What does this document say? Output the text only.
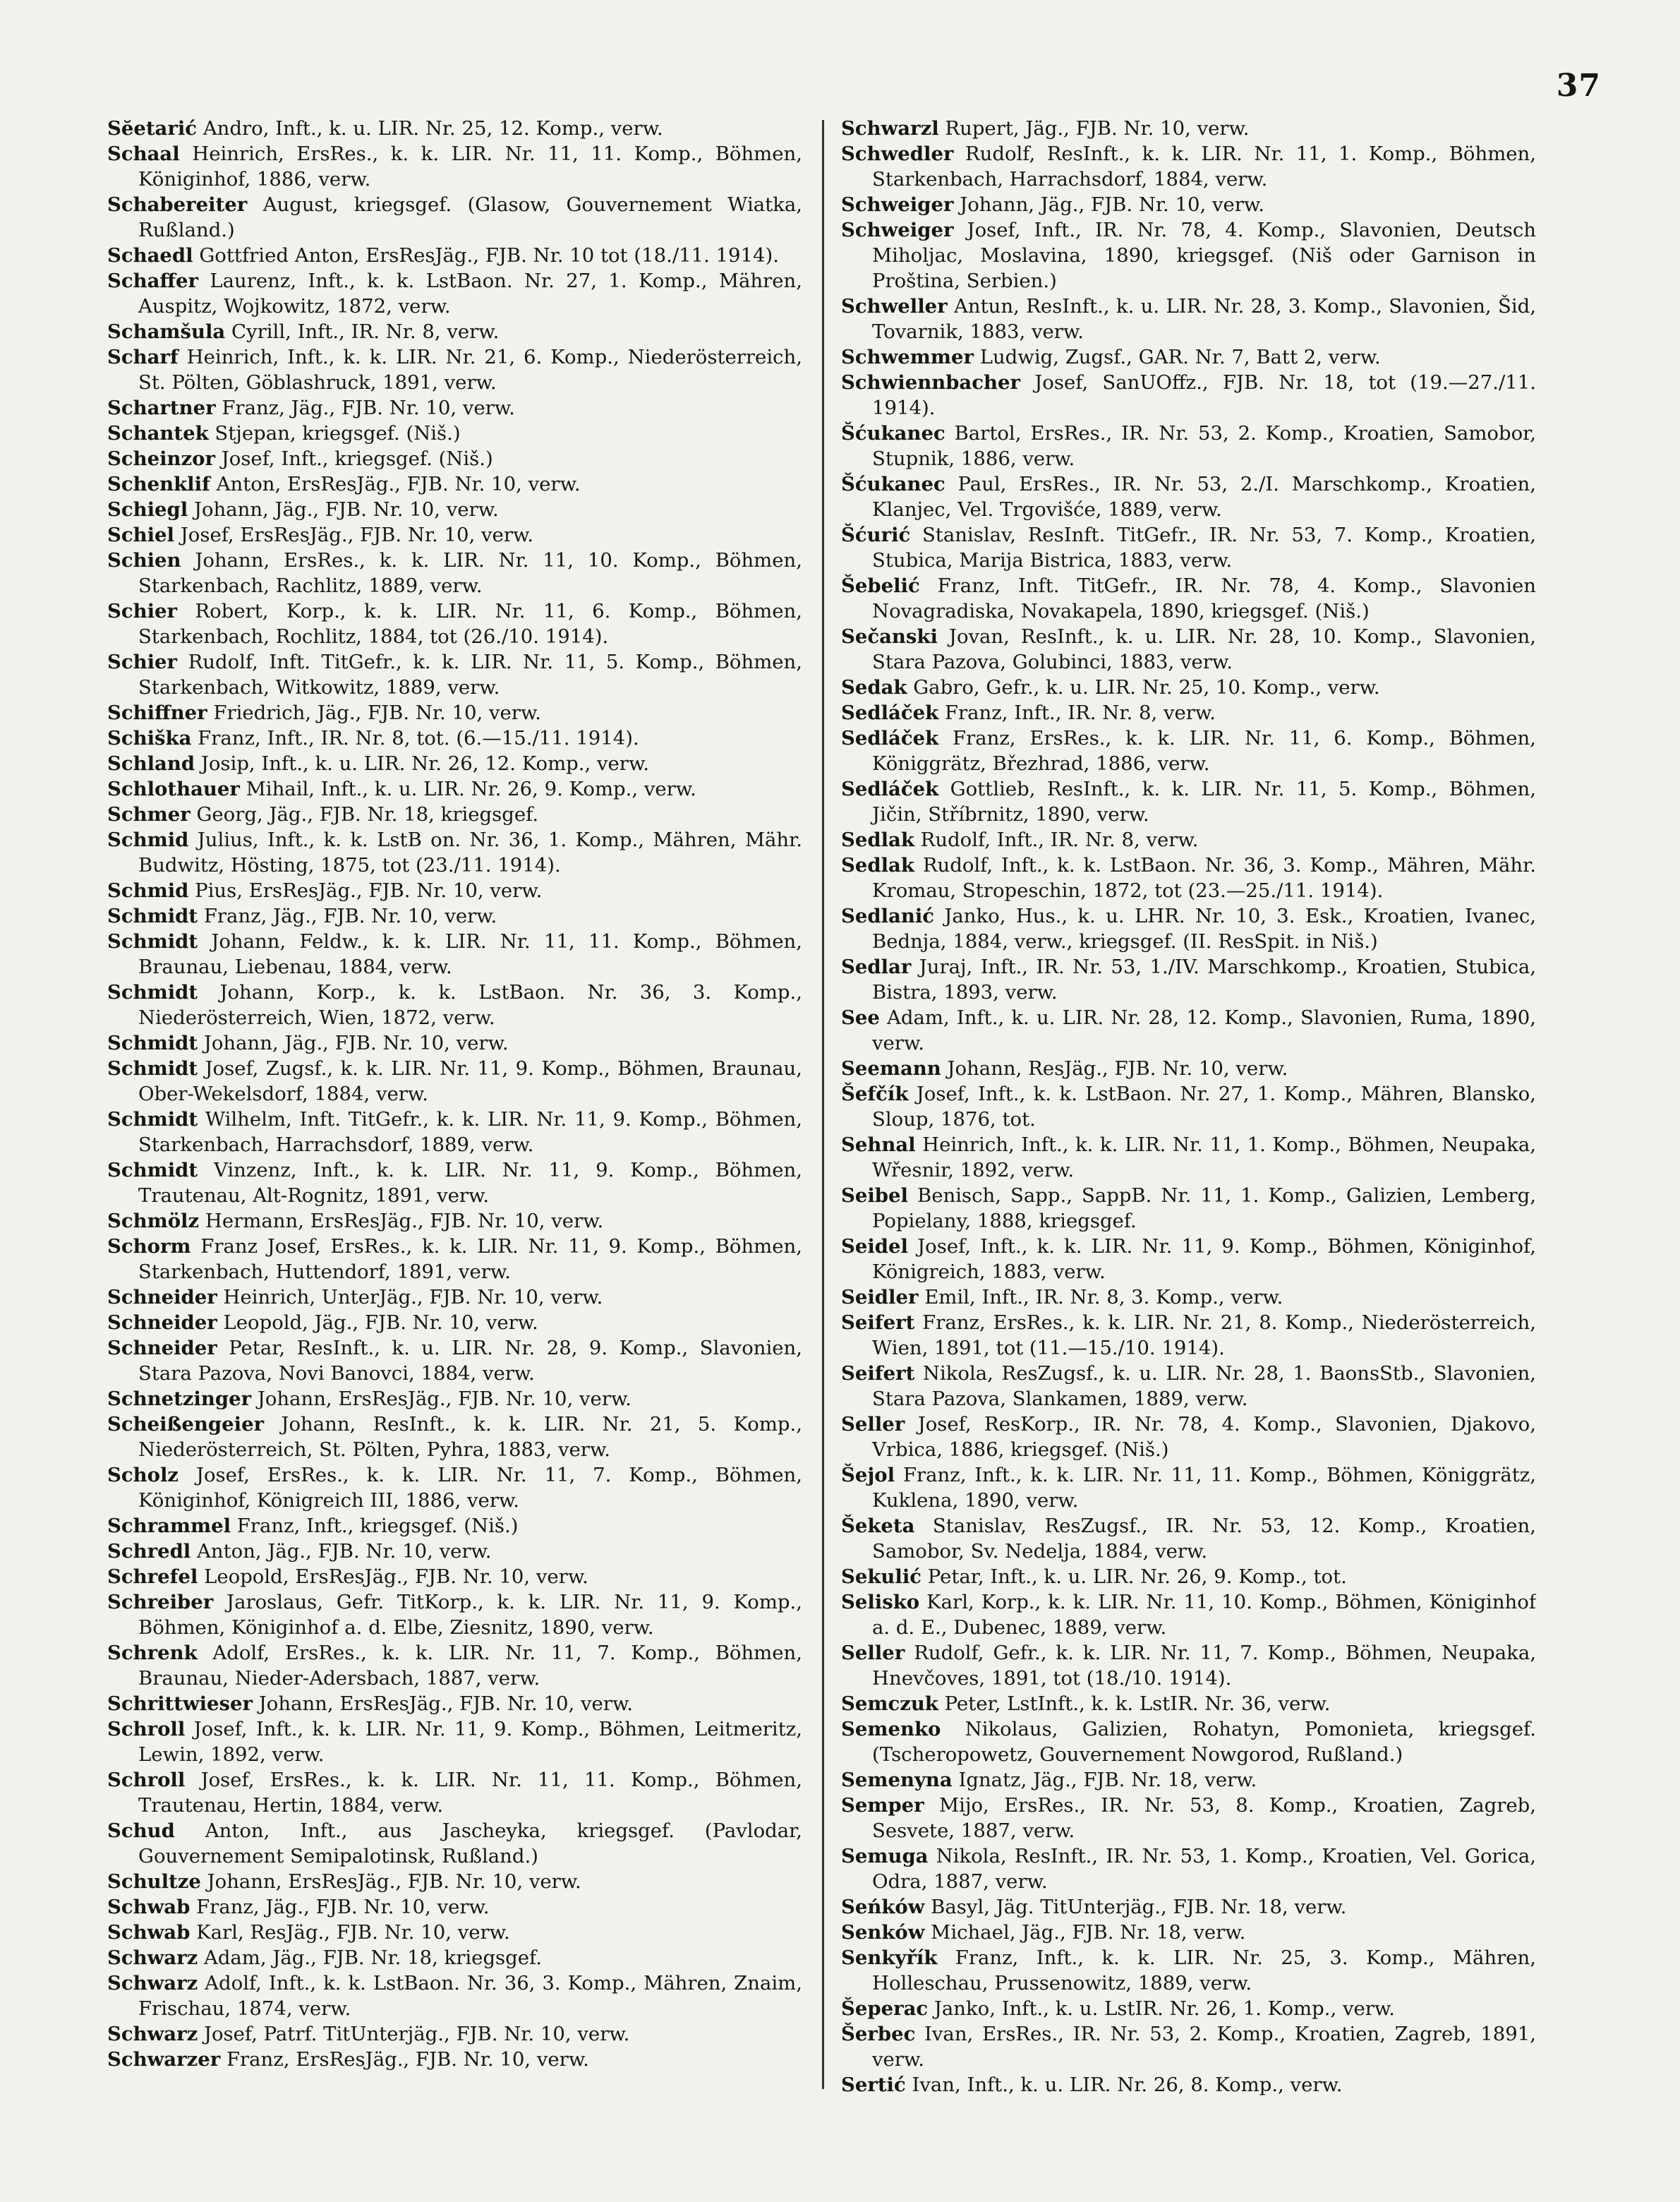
37
Sĕetarić Andro, Inft., k. u. LIR. Nr. 25, 12. Komp., verw.
Schaal Heinrich, ErsRes., k. k. LIR. Nr. 11, 11. Komp., Böhmen, Königinhof, 1886, verw.
Schabereiter August, kriegsgef. (Glasow, Gouvernement Wiatka, Rußland.)
Schaedl Gottfried Anton, ErsResJäg., FJB. Nr. 10 tot (18./11. 1914).
Schaffer Laurenz, Inft., k. k. LstBaon. Nr. 27, 1. Komp., Mähren, Auspitz, Wojkowitz, 1872, verw.
Schamšula Cyrill, Inft., IR. Nr. 8, verw.
Scharf Heinrich, Inft., k. k. LIR. Nr. 21, 6. Komp., Niederösterreich, St. Pölten, Göblashruck, 1891, verw.
Schartner Franz, Jäg., FJB. Nr. 10, verw.
Schantek Stjepan, kriegsgef. (Niš.)
Scheinzor Josef, Inft., kriegsgef. (Niš.)
Schenklif Anton, ErsResJäg., FJB. Nr. 10, verw.
Schiegl Johann, Jäg., FJB. Nr. 10, verw.
Schiel Josef, ErsResJäg., FJB. Nr. 10, verw.
Schien Johann, ErsRes., k. k. LIR. Nr. 11, 10. Komp., Böhmen, Starkenbach, Rachlitz, 1889, verw.
Schier Robert, Korp., k. k. LIR. Nr. 11, 6. Komp., Böhmen, Starkenbach, Rochlitz, 1884, tot (26./10. 1914).
Schier Rudolf, Inft. TitGefr., k. k. LIR. Nr. 11, 5. Komp., Böhmen, Starkenbach, Witkowitz, 1889, verw.
Schiffner Friedrich, Jäg., FJB. Nr. 10, verw.
Schiška Franz, Inft., IR. Nr. 8, tot. (6.—15./11. 1914).
Schland Josip, Inft., k. u. LIR. Nr. 26, 12. Komp., verw.
Schlothauer Mihail, Inft., k. u. LIR. Nr. 26, 9. Komp., verw.
Schmer Georg, Jäg., FJB. Nr. 18, kriegsgef.
Schmid Julius, Inft., k. k. LstB on. Nr. 36, 1. Komp., Mähren, Mähr. Budwitz, Hösting, 1875, tot (23./11. 1914).
Schmid Pius, ErsResJäg., FJB. Nr. 10, verw.
Schmidt Franz, Jäg., FJB. Nr. 10, verw.
Schmidt Johann, Feldw., k. k. LIR. Nr. 11, 11. Komp., Böhmen, Braunau, Liebenau, 1884, verw.
Schmidt Johann, Korp., k. k. LstBaon. Nr. 36, 3. Komp., Niederösterreich, Wien, 1872, verw.
Schmidt Johann, Jäg., FJB. Nr. 10, verw.
Schmidt Josef, Zugsf., k. k. LIR. Nr. 11, 9. Komp., Böhmen, Braunau, Ober-Wekelsdorf, 1884, verw.
Schmidt Wilhelm, Inft. TitGefr., k. k. LIR. Nr. 11, 9. Komp., Böhmen, Starkenbach, Harrachsdorf, 1889, verw.
Schmidt Vinzenz, Inft., k. k. LIR. Nr. 11, 9. Komp., Böhmen, Trautenau, Alt-Rognitz, 1891, verw.
Schmölz Hermann, ErsResJäg., FJB. Nr. 10, verw.
Schorm Franz Josef, ErsRes., k. k. LIR. Nr. 11, 9. Komp., Böhmen, Starkenbach, Huttendorf, 1891, verw.
Schneider Heinrich, UnterJäg., FJB. Nr. 10, verw.
Schneider Leopold, Jäg., FJB. Nr. 10, verw.
Schneider Petar, ResInft., k. u. LIR. Nr. 28, 9. Komp., Slavonien, Stara Pazova, Novi Banovci, 1884, verw.
Schnetzinger Johann, ErsResJäg., FJB. Nr. 10, verw.
Scheißengeier Johann, ResInft., k. k. LIR. Nr. 21, 5. Komp., Niederösterreich, St. Pölten, Pyhra, 1883, verw.
Scholz Josef, ErsRes., k. k. LIR. Nr. 11, 7. Komp., Böhmen, Königinhof, Königreich III, 1886, verw.
Schrammel Franz, Inft., kriegsgef. (Niš.)
Schredl Anton, Jäg., FJB. Nr. 10, verw.
Schrefel Leopold, ErsResJäg., FJB. Nr. 10, verw.
Schreiber Jaroslaus, Gefr. TitKorp., k. k. LIR. Nr. 11, 9. Komp., Böhmen, Königinhof a. d. Elbe, Ziesnitz, 1890, verw.
Schrenk Adolf, ErsRes., k. k. LIR. Nr. 11, 7. Komp., Böhmen, Braunau, Nieder-Adersbach, 1887, verw.
Schrittwieser Johann, ErsResJäg., FJB. Nr. 10, verw.
Schroll Josef, Inft., k. k. LIR. Nr. 11, 9. Komp., Böhmen, Leitmeritz, Lewin, 1892, verw.
Schroll Josef, ErsRes., k. k. LIR. Nr. 11, 11. Komp., Böhmen, Trautenau, Hertin, 1884, verw.
Schud Anton, Inft., aus Jascheyka, kriegsgef. (Pavlodar, Gouvernement Semipalotinsk, Rußland.)
Schultze Johann, ErsResJäg., FJB. Nr. 10, verw.
Schwab Franz, Jäg., FJB. Nr. 10, verw.
Schwab Karl, ResJäg., FJB. Nr. 10, verw.
Schwarz Adam, Jäg., FJB. Nr. 18, kriegsgef.
Schwarz Adolf, Inft., k. k. LstBaon. Nr. 36, 3. Komp., Mähren, Znaim, Frischau, 1874, verw.
Schwarz Josef, Patrf. TitUnterjäg., FJB. Nr. 10, verw.
Schwarzer Franz, ErsResJäg., FJB. Nr. 10, verw.
Schwarzl Rupert, Jäg., FJB. Nr. 10, verw.
Schwedler Rudolf, ResInft., k. k. LIR. Nr. 11, 1. Komp., Böhmen, Starkenbach, Harrachsdorf, 1884, verw.
Schweiger Johann, Jäg., FJB. Nr. 10, verw.
Schweiger Josef, Inft., IR. Nr. 78, 4. Komp., Slavonien, Deutsch Miholjac, Moslavina, 1890, kriegsgef. (Niš oder Garnison in Proština, Serbien.)
Schweller Antun, ResInft., k. u. LIR. Nr. 28, 3. Komp., Slavonien, Šid, Tovarnik, 1883, verw.
Schwemmer Ludwig, Zugsf., GAR. Nr. 7, Batt 2, verw.
Schwiennbacher Josef, SanUOffz., FJB. Nr. 18, tot (19.—27./11. 1914).
Šćukanec Bartol, ErsRes., IR. Nr. 53, 2. Komp., Kroatien, Samobor, Stupnik, 1886, verw.
Šćukanec Paul, ErsRes., IR. Nr. 53, 2./I. Marschkomp., Kroatien, Klanjec, Vel. Trgovišće, 1889, verw.
Šćurić Stanislav, ResInft. TitGefr., IR. Nr. 53, 7. Komp., Kroatien, Stubica, Marija Bistrica, 1883, verw.
Šebelić Franz, Inft. TitGefr., IR. Nr. 78, 4. Komp., Slavonien Novagradiska, Novakapela, 1890, kriegsgef. (Niš.)
Sečanski Jovan, ResInft., k. u. LIR. Nr. 28, 10. Komp., Slavonien, Stara Pazova, Golubinci, 1883, verw.
Sedak Gabro, Gefr., k. u. LIR. Nr. 25, 10. Komp., verw.
Sedláček Franz, Inft., IR. Nr. 8, verw.
Sedláček Franz, ErsRes., k. k. LIR. Nr. 11, 6. Komp., Böhmen, Königgrätz, Březhrad, 1886, verw.
Sedláček Gottlieb, ResInft., k. k. LIR. Nr. 11, 5. Komp., Böhmen, Jičin, Stříbrnitz, 1890, verw.
Sedlak Rudolf, Inft., IR. Nr. 8, verw.
Sedlak Rudolf, Inft., k. k. LstBaon. Nr. 36, 3. Komp., Mähren, Mähr. Kromau, Stropeschin, 1872, tot (23.—25./11. 1914).
Sedlanić Janko, Hus., k. u. LHR. Nr. 10, 3. Esk., Kroatien, Ivanec, Bednja, 1884, verw., kriegsgef. (II. ResSpit. in Niš.)
Sedlar Juraj, Inft., IR. Nr. 53, 1./IV. Marschkomp., Kroatien, Stubica, Bistra, 1893, verw.
See Adam, Inft., k. u. LIR. Nr. 28, 12. Komp., Slavonien, Ruma, 1890, verw.
Seemann Johann, ResJäg., FJB. Nr. 10, verw.
Šefčík Josef, Inft., k. k. LstBaon. Nr. 27, 1. Komp., Mähren, Blansko, Sloup, 1876, tot.
Sehnal Heinrich, Inft., k. k. LIR. Nr. 11, 1. Komp., Böhmen, Neupaka, Wřesnir, 1892, verw.
Seibel Benisch, Sapp., SappB. Nr. 11, 1. Komp., Galizien, Lemberg, Popielany, 1888, kriegsgef.
Seidel Josef, Inft., k. k. LIR. Nr. 11, 9. Komp., Böhmen, Königinhof, Königreich, 1883, verw.
Seidler Emil, Inft., IR. Nr. 8, 3. Komp., verw.
Seifert Franz, ErsRes., k. k. LIR. Nr. 21, 8. Komp., Niederösterreich, Wien, 1891, tot (11.—15./10. 1914).
Seifert Nikola, ResZugsf., k. u. LIR. Nr. 28, 1. BaonsStb., Slavonien, Stara Pazova, Slankamen, 1889, verw.
Seller Josef, ResKorp., IR. Nr. 78, 4. Komp., Slavonien, Djakovo, Vrbica, 1886, kriegsgef. (Niš.)
Šejol Franz, Inft., k. k. LIR. Nr. 11, 11. Komp., Böhmen, Königgrätz, Kuklena, 1890, verw.
Šeketa Stanislav, ResZugsf., IR. Nr. 53, 12. Komp., Kroatien, Samobor, Sv. Nedelja, 1884, verw.
Sekulić Petar, Inft., k. u. LIR. Nr. 26, 9. Komp., tot.
Selisko Karl, Korp., k. k. LIR. Nr. 11, 10. Komp., Böhmen, Königinhof a. d. E., Dubenec, 1889, verw.
Seller Rudolf, Gefr., k. k. LIR. Nr. 11, 7. Komp., Böhmen, Neupaka, Hnevčoves, 1891, tot (18./10. 1914).
Semczuk Peter, LstInft., k. k. LstIR. Nr. 36, verw.
Semenko Nikolaus, Galizien, Rohatyn, Pomonieta, kriegsgef. (Tscheropowetz, Gouvernement Nowgorod, Rußland.)
Semenyna Ignatz, Jäg., FJB. Nr. 18, verw.
Semper Mijo, ErsRes., IR. Nr. 53, 8. Komp., Kroatien, Zagreb, Sesvete, 1887, verw.
Semuga Nikola, ResInft., IR. Nr. 53, 1. Komp., Kroatien, Vel. Gorica, Odra, 1887, verw.
Seńków Basyl, Jäg. TitUnterjäg., FJB. Nr. 18, verw.
Senków Michael, Jäg., FJB. Nr. 18, verw.
Senkyřík Franz, Inft., k. k. LIR. Nr. 25, 3. Komp., Mähren, Holleschau, Prussenowitz, 1889, verw.
Šeperac Janko, Inft., k. u. LstIR. Nr. 26, 1. Komp., verw.
Šerbec Ivan, ErsRes., IR. Nr. 53, 2. Komp., Kroatien, Zagreb, 1891, verw.
Sertić Ivan, Inft., k. u. LIR. Nr. 26, 8. Komp., verw.
